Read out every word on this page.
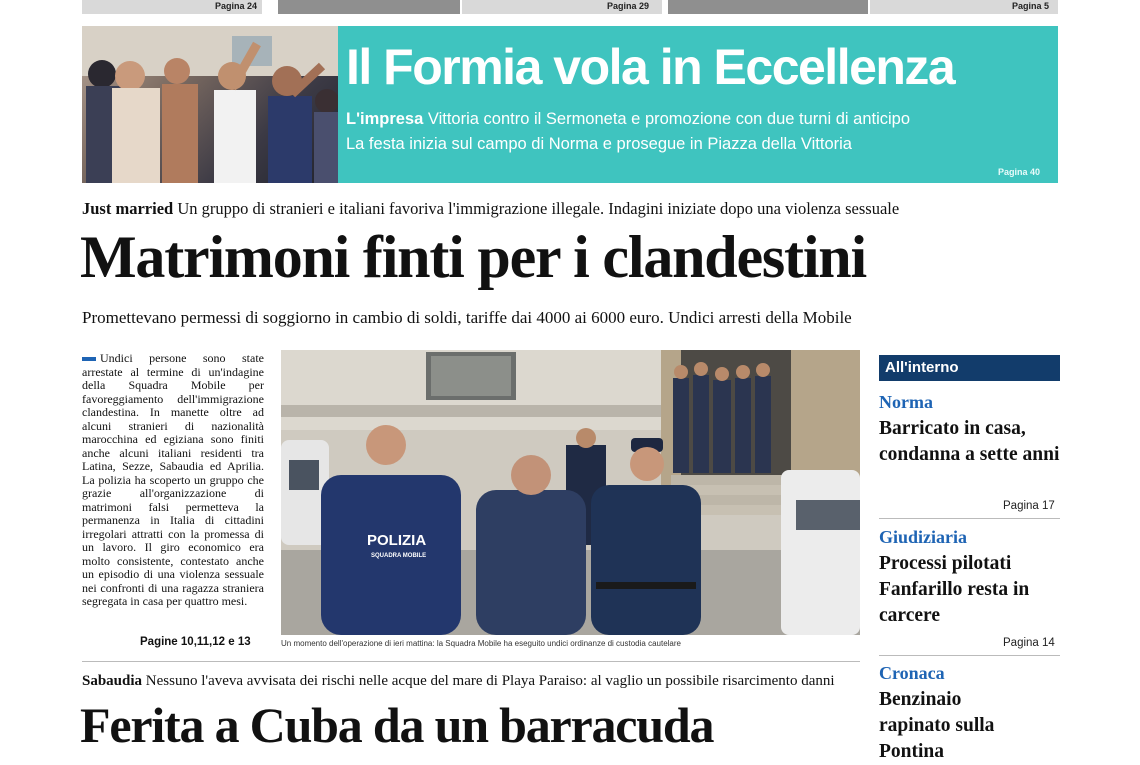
Pagina 24	Pagina 29	Pagina 5
Il Formia vola in Eccellenza
L'impresa Vittoria contro il Sermoneta e promozione con due turni di anticipo
La festa inizia sul campo di Norma e prosegue in Piazza della Vittoria
Pagina 40
Just married Un gruppo di stranieri e italiani favoriva l'immigrazione illegale. Indagini iniziate dopo una violenza sessuale
Matrimoni finti per i clandestini
Promettevano permessi di soggiorno in cambio di soldi, tariffe dai 4000 ai 6000 euro. Undici arresti della Mobile
Undici persone sono state arrestate al termine di un'indagine della Squadra Mobile per favoreggiamento dell'immigrazione clandestina. In manette oltre ad alcuni stranieri di nazionalità marocchina ed egiziana sono finiti anche alcuni italiani residenti tra Latina, Sezze, Sabaudia ed Aprilia. La polizia ha scoperto un gruppo che grazie all'organizzazione di matrimoni falsi permetteva la permanenza in Italia di cittadini irregolari attratti con la promessa di un lavoro. Il giro economico era molto consistente, contestato anche un episodio di una violenza sessuale nei confronti di una ragazza straniera segregata in casa per quattro mesi.
Pagine 10,11,12 e 13
POLIZIA
SQUADRA MOBILE
Un momento dell'operazione di ieri mattina: la Squadra Mobile ha eseguito undici ordinanze di custodia cautelare
All'interno
Norma
Barricato in casa, condanna a sette anni
Pagina 17
Giudiziaria
Processi pilotati Fanfarillo resta in carcere
Pagina 14
Cronaca
Benzinaio rapinato sulla Pontina
Sabaudia Nessuno l'aveva avvisata dei rischi nelle acque del mare di Playa Paraiso: al vaglio un possibile risarcimento danni
Ferita a Cuba da un barracuda
